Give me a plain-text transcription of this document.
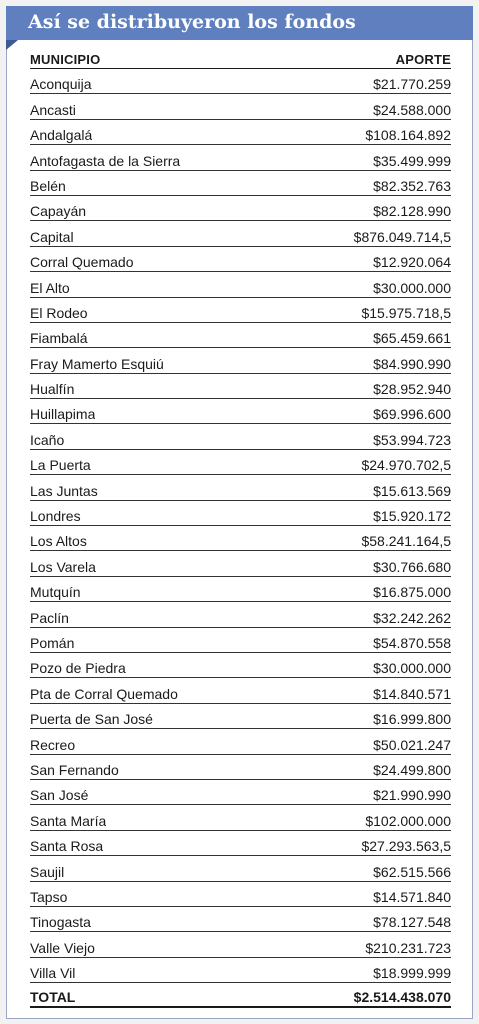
Así se distribuyeron los fondos
MUNICIPIO	APORTE
Aconquija	$21.770.259
Ancasti	$24.588.000
Andalgalá	$108.164.892
Antofagasta de la Sierra	$35.499.999
Belén	$82.352.763
Capayán	$82.128.990
Capital	$876.049.714,5
Corral Quemado	$12.920.064
El Alto	$30.000.000
El Rodeo	$15.975.718,5
Fiambalá	$65.459.661
Fray Mamerto Esquiú	$84.990.990
Hualfín	$28.952.940
Huillapima	$69.996.600
Icaño	$53.994.723
La Puerta	$24.970.702,5
Las Juntas	$15.613.569
Londres	$15.920.172
Los Altos	$58.241.164,5
Los Varela	$30.766.680
Mutquín	$16.875.000
Paclín	$32.242.262
Pomán	$54.870.558
Pozo de Piedra	$30.000.000
Pta de Corral Quemado	$14.840.571
Puerta de San José	$16.999.800
Recreo	$50.021.247
San Fernando	$24.499.800
San José	$21.990.990
Santa María	$102.000.000
Santa Rosa	$27.293.563,5
Saujil	$62.515.566
Tapso	$14.571.840
Tinogasta	$78.127.548
Valle Viejo	$210.231.723
Villa Vil	$18.999.999
TOTAL	$2.514.438.070
